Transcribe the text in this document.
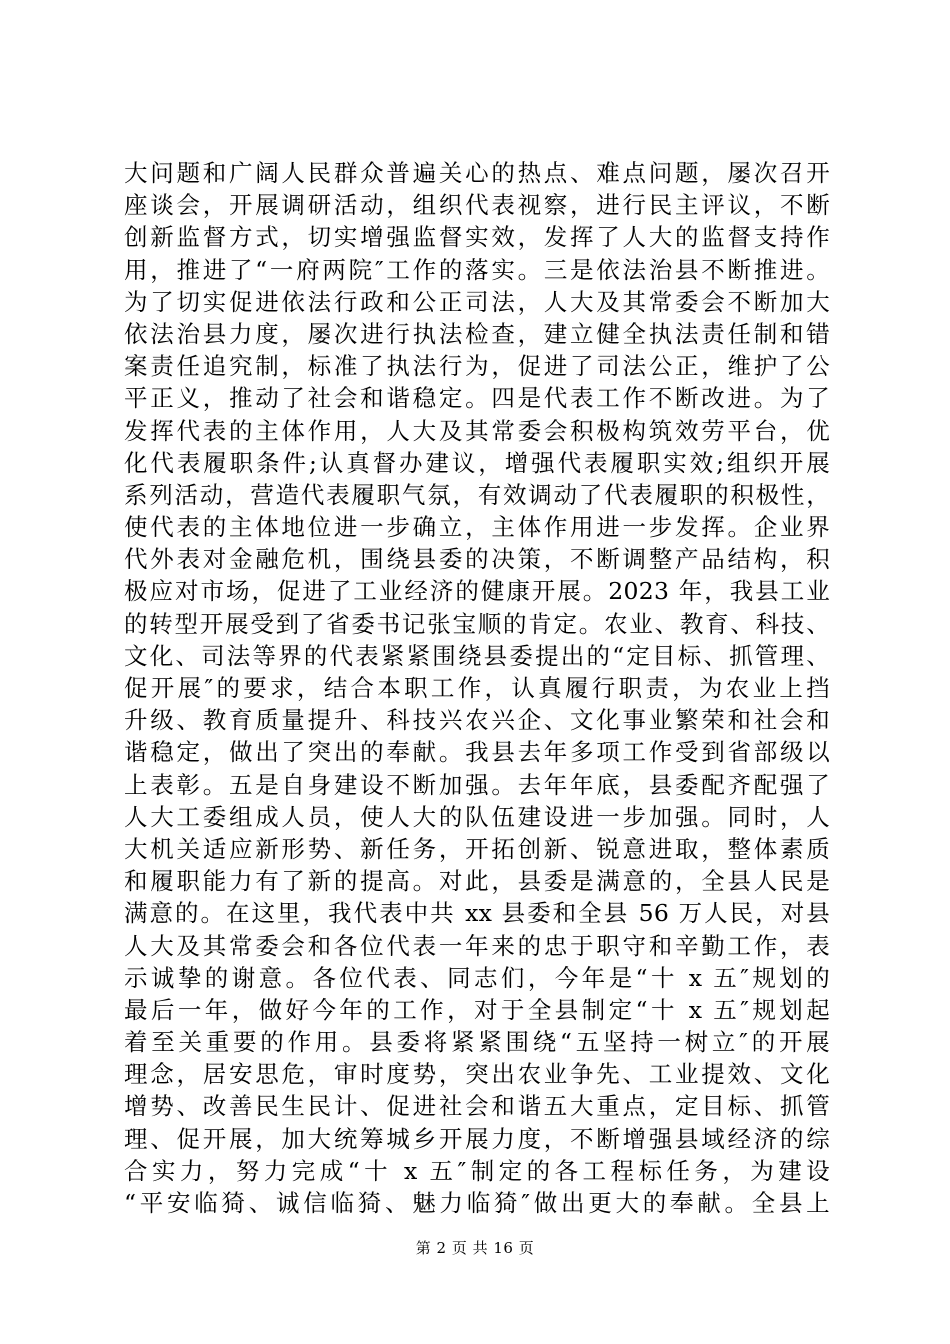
大问题和广阔人民群众普遍关心的热点、难点问题，屡次召开
座谈会，开展调研活动，组织代表视察，进行民主评议，不断
创新监督方式，切实增强监督实效，发挥了人大的监督支持作
用，推进了“一府两院″工作的落实。三是依法治县不断推进。
为了切实促进依法行政和公正司法，人大及其常委会不断加大
依法治县力度，屡次进行执法检查，建立健全执法责任制和错
案责任追究制，标准了执法行为，促进了司法公正，维护了公
平正义，推动了社会和谐稳定。四是代表工作不断改进。为了
发挥代表的主体作用，人大及其常委会积极构筑效劳平台，优
化代表履职条件;认真督办建议，增强代表履职实效;组织开展
系列活动，营造代表履职气氛，有效调动了代表履职的积极性，
使代表的主体地位进一步确立，主体作用进一步发挥。企业界
代外表对金融危机，围绕县委的决策，不断调整产品结构，积
极应对市场，促进了工业经济的健康开展。2023 年，我县工业
的转型开展受到了省委书记张宝顺的肯定。农业、教育、科技、
文化、司法等界的代表紧紧围绕县委提出的“定目标、抓管理、
促开展″的要求，结合本职工作，认真履行职责，为农业上挡
升级、教育质量提升、科技兴农兴企、文化事业繁荣和社会和
谐稳定，做出了突出的奉献。我县去年多项工作受到省部级以
上表彰。五是自身建设不断加强。去年年底，县委配齐配强了
人大工委组成人员，使人大的队伍建设进一步加强。同时，人
大机关适应新形势、新任务，开拓创新、锐意进取，整体素质
和履职能力有了新的提高。对此，县委是满意的，全县人民是
满意的。在这里，我代表中共 xx 县委和全县 56 万人民，对县
人大及其常委会和各位代表一年来的忠于职守和辛勤工作，表
示诚挚的谢意。各位代表、同志们，今年是“十 x 五″规划的
最后一年，做好今年的工作，对于全县制定“十 x 五″规划起
着至关重要的作用。县委将紧紧围绕“五坚持一树立″的开展
理念，居安思危，审时度势，突出农业争先、工业提效、文化
增势、改善民生民计、促进社会和谐五大重点，定目标、抓管
理、促开展，加大统筹城乡开展力度，不断增强县域经济的综
合实力，努力完成“十 x 五″制定的各工程标任务，为建设
“平安临猗、诚信临猗、魅力临猗″做出更大的奉献。全县上
第 2 页 共 16 页
